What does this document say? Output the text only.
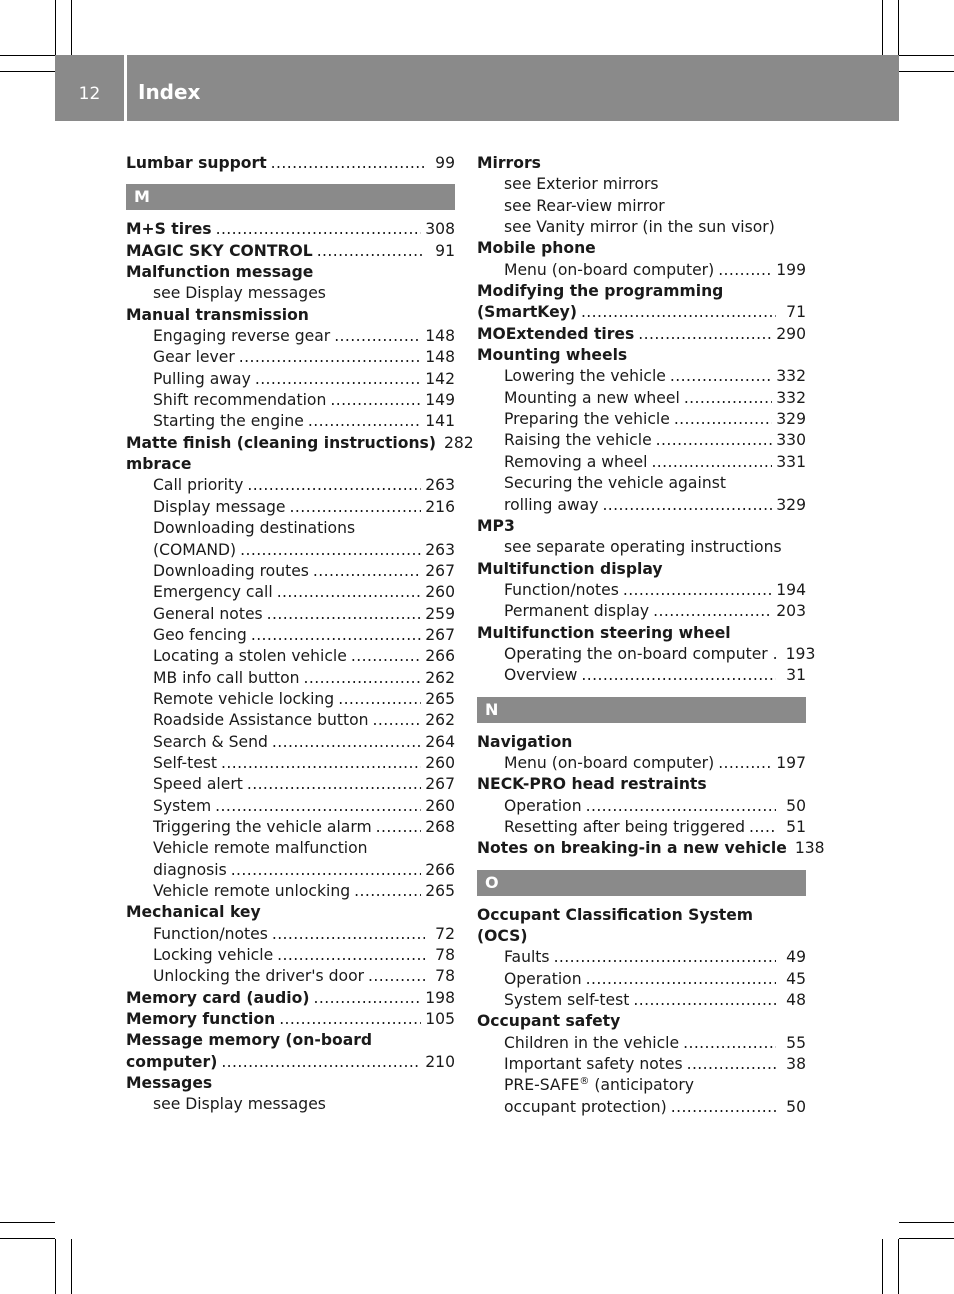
12	Index
Lumbar support .....	99
M
M+S tires .....	308
MAGIC SKY CONTROL .....	91
Malfunction message
see Display messages
Manual transmission
Engaging reverse gear .....	148
Gear lever .....	148
Pulling away .....	142
Shift recommendation .....	149
Starting the engine .....	141
Matte finish (cleaning instructions) 282
mbrace
Call priority .....	263
Display message .....	216
Downloading destinations
(COMAND) .....	263
Downloading routes .....	267
Emergency call .....	260
General notes .....	259
Geo fencing .....	267
Locating a stolen vehicle .....	266
MB info call button .....	262
Remote vehicle locking .....	265
Roadside Assistance button .....	262
Search & Send .....	264
Self-test .....	260
Speed alert .....	267
System .....	260
Triggering the vehicle alarm .....	268
Vehicle remote malfunction
diagnosis .....	266
Vehicle remote unlocking .....	265
Mechanical key
Function/notes .....	72
Locking vehicle .....	78
Unlocking the driver's door .....	78
Memory card (audio) .....	198
Memory function .....	105
Message memory (on-board
computer) .....	210
Messages
see Display messages
Mirrors
see Exterior mirrors
see Rear-view mirror
see Vanity mirror (in the sun visor)
Mobile phone
Menu (on-board computer) .....	199
Modifying the programming
(SmartKey) .....	71
MOExtended tires .....	290
Mounting wheels
Lowering the vehicle .....	332
Mounting a new wheel .....	332
Preparing the vehicle .....	329
Raising the vehicle .....	330
Removing a wheel .....	331
Securing the vehicle against
rolling away .....	329
MP3
see separate operating instructions
Multifunction display
Function/notes .....	194
Permanent display .....	203
Multifunction steering wheel
Operating the on-board computer . 193
Overview .....	31
N
Navigation
Menu (on-board computer) .....	197
NECK-PRO head restraints
Operation .....	50
Resetting after being triggered .....	51
Notes on breaking-in a new vehicle 138
O
Occupant Classification System
(OCS)
Faults .....	49
Operation .....	45
System self-test .....	48
Occupant safety
Children in the vehicle .....	55
Important safety notes .....	38
PRE-SAFE® (anticipatory
occupant protection) .....	50
